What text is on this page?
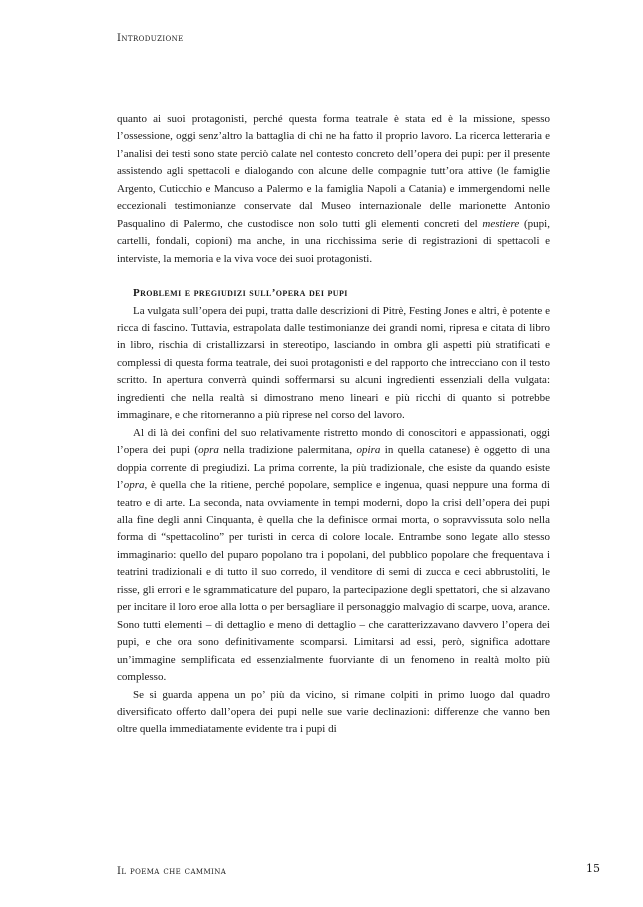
Introduzione

quanto ai suoi protagonisti, perché questa forma teatrale è stata ed è la missione, spesso l’ossessione, oggi senz’altro la battaglia di chi ne ha fatto il proprio lavoro. La ricerca letteraria e l’analisi dei testi sono state perciò calate nel contesto concreto dell’opera dei pupi: per il presente assistendo agli spettacoli e dialogando con alcune delle compagnie tutt’ora attive (le famiglie Argento, Cuticchio e Mancuso a Palermo e la famiglia Napoli a Catania) e immergendomi nelle eccezionali testimonianze conservate dal Museo internazionale delle marionette Antonio Pasqualino di Palermo, che custodisce non solo tutti gli elementi concreti del mestiere (pupi, cartelli, fondali, copioni) ma anche, in una ricchissima serie di registrazioni di spettacoli e interviste, la memoria e la viva voce dei suoi protagonisti.

Problemi e pregiudizi sull’opera dei pupi

La vulgata sull’opera dei pupi, tratta dalle descrizioni di Pitrè, Festing Jones e altri, è potente e ricca di fascino. Tuttavia, estrapolata dalle testimonianze dei grandi nomi, ripresa e citata di libro in libro, rischia di cristallizzarsi in stereotipo, lasciando in ombra gli aspetti più stratificati e complessi di questa forma teatrale, dei suoi protagonisti e del rapporto che intrecciano con il testo scritto. In apertura converrà quindi soffermarsi su alcuni ingredienti essenziali della vulgata: ingredienti che nella realtà si dimostrano meno lineari e più ricchi di quanto si potrebbe immaginare, e che ritorneranno a più riprese nel corso del lavoro.

Al di là dei confini del suo relativamente ristretto mondo di conoscitori e appassionati, oggi l’opera dei pupi (opra nella tradizione palermitana, opira in quella catanese) è oggetto di una doppia corrente di pregiudizi. La prima corrente, la più tradizionale, che esiste da quando esiste l’opra, è quella che la ritiene, perché popolare, semplice e ingenua, quasi neppure una forma di teatro e di arte. La seconda, nata ovviamente in tempi moderni, dopo la crisi dell’opera dei pupi alla fine degli anni Cinquanta, è quella che la definisce ormai morta, o sopravvissuta solo nella forma di “spettacolino” per turisti in cerca di colore locale. Entrambe sono legate allo stesso immaginario: quello del puparo popolano tra i popolani, del pubblico popolare che frequentava i teatrini tradizionali e di tutto il suo corredo, il venditore di semi di zucca e ceci abbrustoliti, le risse, gli errori e le sgrammaticature del puparo, la partecipazione degli spettatori, che si alzavano per incitare il loro eroe alla lotta o per bersagliare il personaggio malvagio di scarpe, uova, arance. Sono tutti elementi – di dettaglio e meno di dettaglio – che caratterizzavano davvero l’opera dei pupi, e che ora sono definitivamente scomparsi. Limitarsi ad essi, però, significa adottare un’immagine semplificata ed essenzialmente fuorviante di un fenomeno in realtà molto più complesso.

Se si guarda appena un po’ più da vicino, si rimane colpiti in primo luogo dal quadro diversificato offerto dall’opera dei pupi nelle sue varie declinazioni: differenze che vanno ben oltre quella immediatamente evidente tra i pupi di

Il poema che cammina	15
